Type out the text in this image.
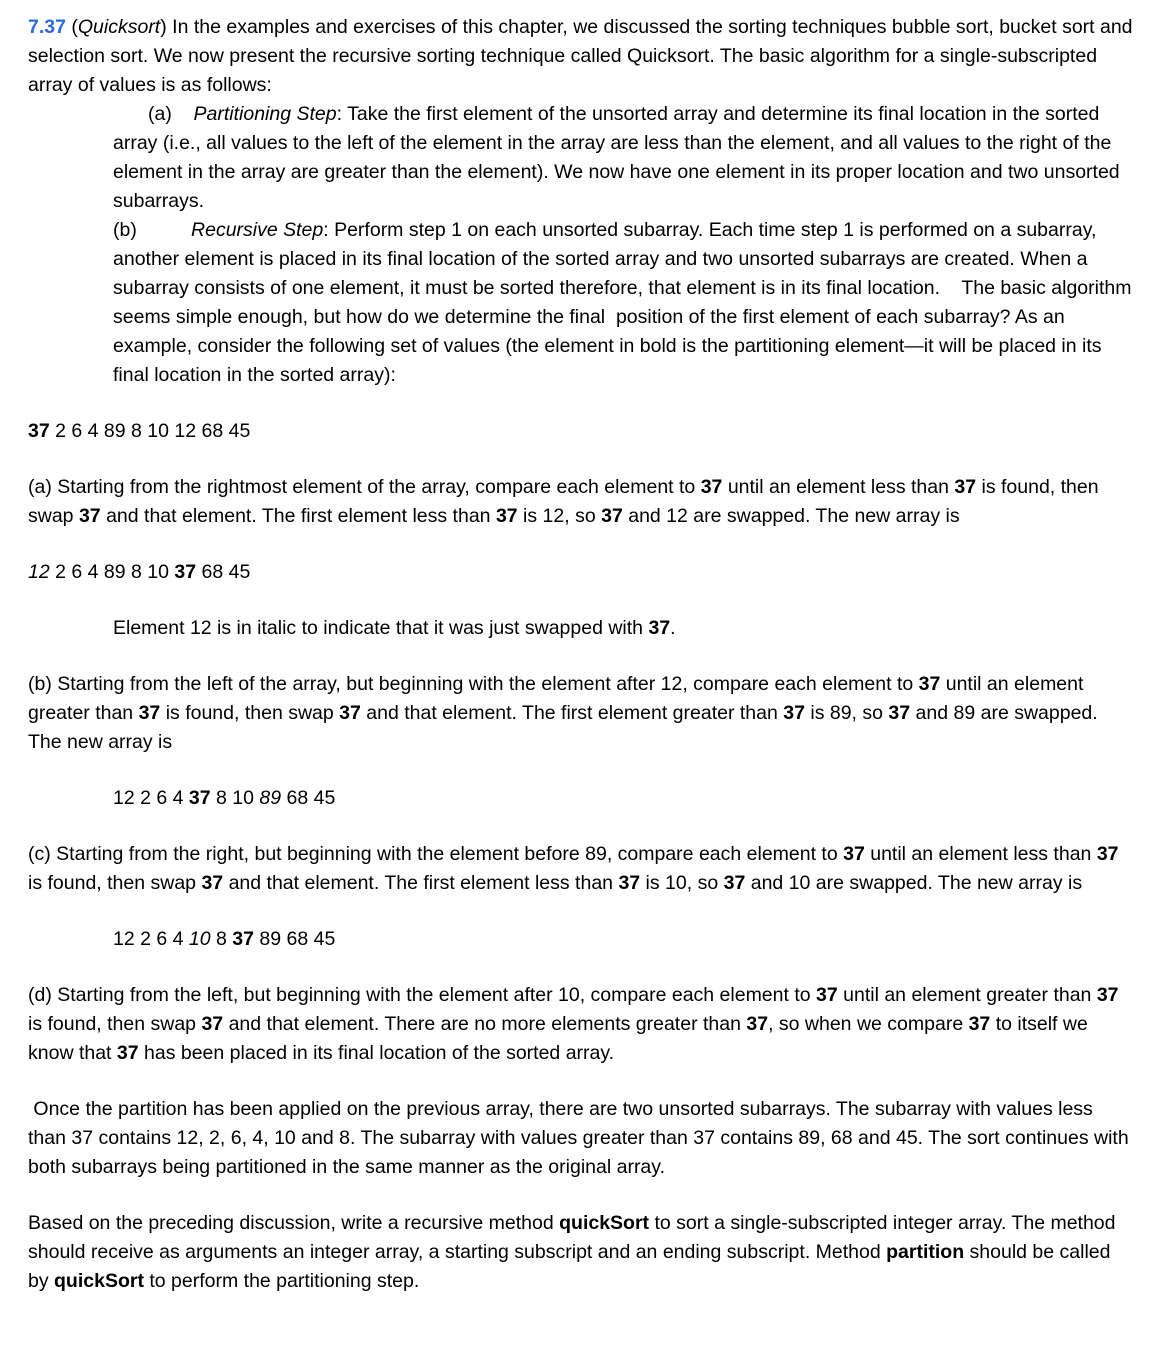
7.37 (Quicksort) In the examples and exercises of this chapter, we discussed the sorting techniques bubble sort, bucket sort and selection sort. We now present the recursive sorting technique called Quicksort. The basic algorithm for a single-subscripted array of values is as follows:
(a)    Partitioning Step: Take the first element of the unsorted array and determine its final location in the sorted array (i.e., all values to the left of the element in the array are less than the element, and all values to the right of the element in the array are greater than the element). We now have one element in its proper location and two unsorted subarrays.
(b)          Recursive Step: Perform step 1 on each unsorted subarray. Each time step 1 is performed on a subarray, another element is placed in its final location of the sorted array and two unsorted subarrays are created. When a subarray consists of one element, it must be sorted therefore, that element is in its final location.    The basic algorithm seems simple enough, but how do we determine the final  position of the first element of each subarray? As an example, consider the following set of values (the element in bold is the partitioning element—it will be placed in its final location in the sorted array):
37 2 6 4 89 8 10 12 68 45
(a) Starting from the rightmost element of the array, compare each element to 37 until an element less than 37 is found, then swap 37 and that element. The first element less than 37 is 12, so 37 and 12 are swapped. The new array is
12 2 6 4 89 8 10 37 68 45
Element 12 is in italic to indicate that it was just swapped with 37.
(b) Starting from the left of the array, but beginning with the element after 12, compare each element to 37 until an element greater than 37 is found, then swap 37 and that element. The first element greater than 37 is 89, so 37 and 89 are swapped. The new array is
12 2 6 4 37 8 10 89 68 45
(c) Starting from the right, but beginning with the element before 89, compare each element to 37 until an element less than 37 is found, then swap 37 and that element. The first element less than 37 is 10, so 37 and 10 are swapped. The new array is
12 2 6 4 10 8 37 89 68 45
(d) Starting from the left, but beginning with the element after 10, compare each element to 37 until an element greater than 37 is found, then swap 37 and that element. There are no more elements greater than 37, so when we compare 37 to itself we know that 37 has been placed in its final location of the sorted array.
Once the partition has been applied on the previous array, there are two unsorted subarrays. The subarray with values less than 37 contains 12, 2, 6, 4, 10 and 8. The subarray with values greater than 37 contains 89, 68 and 45. The sort continues with both subarrays being partitioned in the same manner as the original array.
Based on the preceding discussion, write a recursive method quickSort to sort a single-subscripted integer array. The method should receive as arguments an integer array, a starting subscript and an ending subscript. Method partition should be called by quickSort to perform the partitioning step.
